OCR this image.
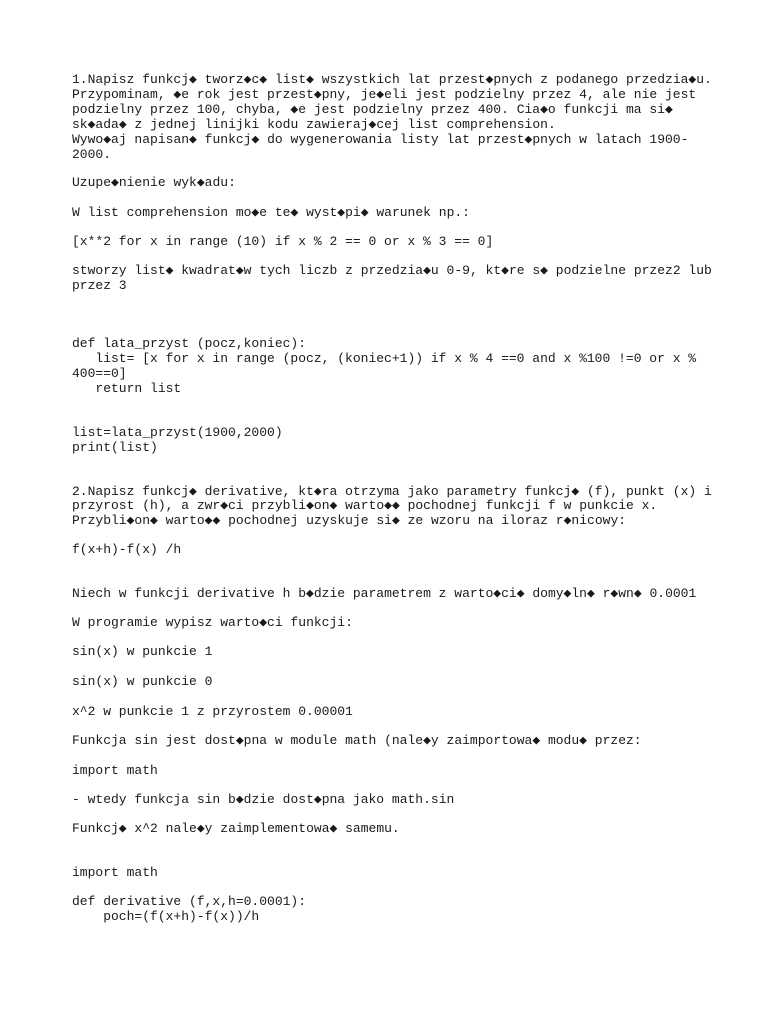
1.Napisz funkcj◆ tworz◆c◆ list◆ wszystkich lat przest◆pnych z podanego przedzia◆u.

Przypominam, ◆e rok jest przest◆pny, je◆eli jest podzielny przez 4, ale nie jest

podzielny przez 100, chyba, ◆e jest podzielny przez 400. Cia◆o funkcji ma si◆

sk◆ada◆ z jednej linijki kodu zawieraj◆cej list comprehension.

Wywo◆aj napisan◆ funkcj◆ do wygenerowania listy lat przest◆pnych w latach 1900-

2000.

Uzupe◆nienie wyk◆adu:

W list comprehension mo◆e te◆ wyst◆pi◆ warunek np.:

[x**2 for x in range (10) if x % 2 == 0 or x % 3 == 0]

stworzy list◆ kwadrat◆w tych liczb z przedzia◆u 0-9, kt◆re s◆ podzielne przez2 lub

przez 3

def lata_przyst (pocz,koniec):

list= [x for x in range (pocz, (koniec+1)) if x % 4 ==0 and x %100 !=0 or x %

400==0]

return list

list=lata_przyst(1900,2000)

print(list)

2.Napisz funkcj◆ derivative, kt◆ra otrzyma jako parametry funkcj◆ (f), punkt (x) i

przyrost (h), a zwr◆ci przybli◆on◆ warto◆◆ pochodnej funkcji f w punkcie x.

Przybli◆on◆ warto◆◆ pochodnej uzyskuje si◆ ze wzoru na iloraz r◆nicowy:

f(x+h)-f(x) /h

Niech w funkcji derivative h b◆dzie parametrem z warto◆ci◆ domy◆ln◆ r◆wn◆ 0.0001

W programie wypisz warto◆ci funkcji:

sin(x) w punkcie 1

sin(x) w punkcie 0

x^2 w punkcie 1 z przyrostem 0.00001

Funkcja sin jest dost◆pna w module math (nale◆y zaimportowa◆ modu◆ przez:

import math

- wtedy funkcja sin b◆dzie dost◆pna jako math.sin

Funkcj◆ x^2 nale◆y zaimplementowa◆ samemu.

import math

def derivative (f,x,h=0.0001):

poch=(f(x+h)-f(x))/h
